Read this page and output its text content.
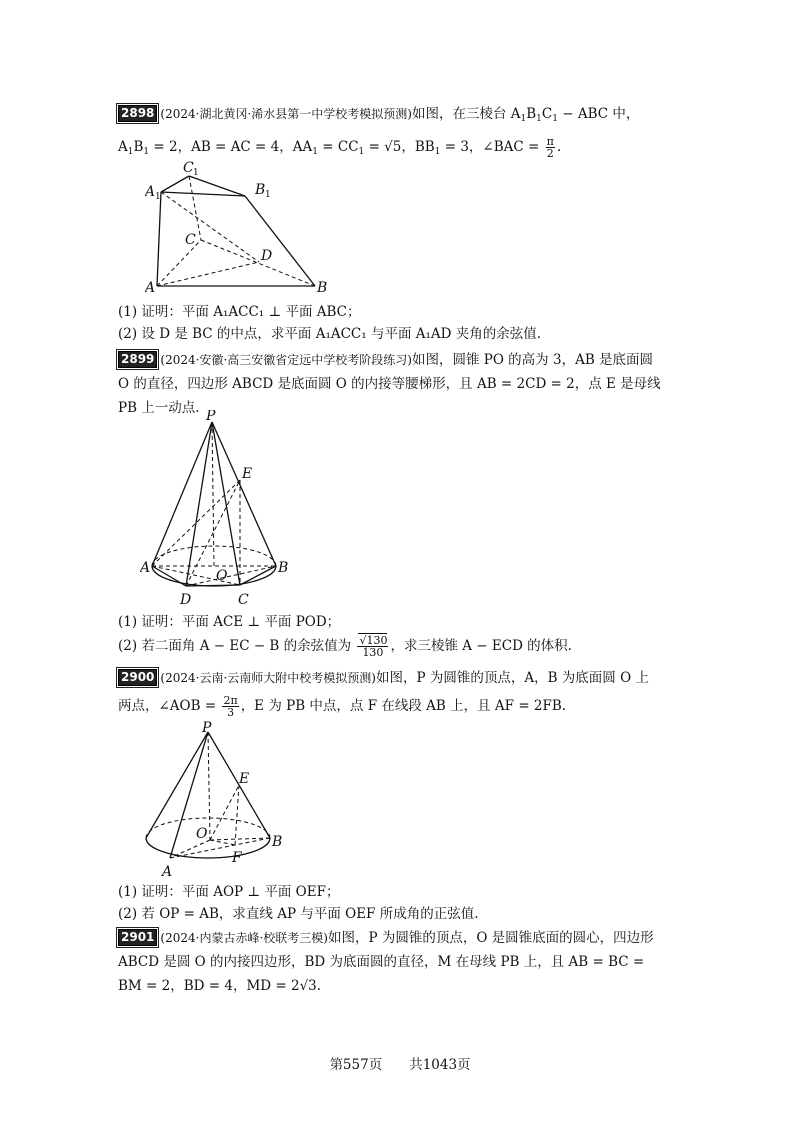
2898 (2024·湖北黄冈·浠水县第一中学校考模拟预测)如图，在三棱台 $A_1B_1C_1$ − ABC 中，
$A_1B_1 = 2$，AB = AC = 4，$AA_1 = CC_1 = √5$，$BB_1 = 3$，∠BAC = $\frac{\pi}{2}$ .
C 1
A 1	B 1
C
D
A	B
(1) 证明：平面 A₁ACC₁ ⊥ 平面 ABC；
(2) 设 D 是 BC 的中点，求平面 A₁ACC₁ 与平面 A₁AD 夹角的余弦值.
2899 (2024·安徽·高三安徽省定远中学校考阶段练习)如图，圆锥 PO 的高为 3，AB 是底面圆
O 的直径，四边形 ABCD 是底面圆 O 的内接等腰梯形，且 AB = 2CD = 2，点 E 是母线
PB 上一动点. P
E
A	O	B
D	C
(1) 证明：平面 ACE ⊥ 平面 POD；
(2) 若二面角 A − EC − B 的余弦值为 $\frac{√130}{130}$ ，求三棱锥 A − ECD 的体积.
2900 (2024·云南·云南师大附中校考模拟预测)如图，P 为圆锥的顶点，A，B 为底面圆 O 上
两点，∠AOB = $\frac{2\pi}{3}$ ，E 为 PB 中点，点 F 在线段 AB 上，且 AF = 2FB.
P
E
O	B
F
A
(1) 证明：平面 AOP ⊥ 平面 OEF；
(2) 若 OP = AB，求直线 AP 与平面 OEF 所成角的正弦值.
2901 (2024·内蒙古赤峰·校联考三模)如图，P 为圆锥的顶点，O 是圆锥底面的圆心，四边形
ABCD 是圆 O 的内接四边形，BD 为底面圆的直径，M 在母线 PB 上，且 AB = BC =
BM = 2，BD = 4，MD = 2√3.
第557页　　共1043页
